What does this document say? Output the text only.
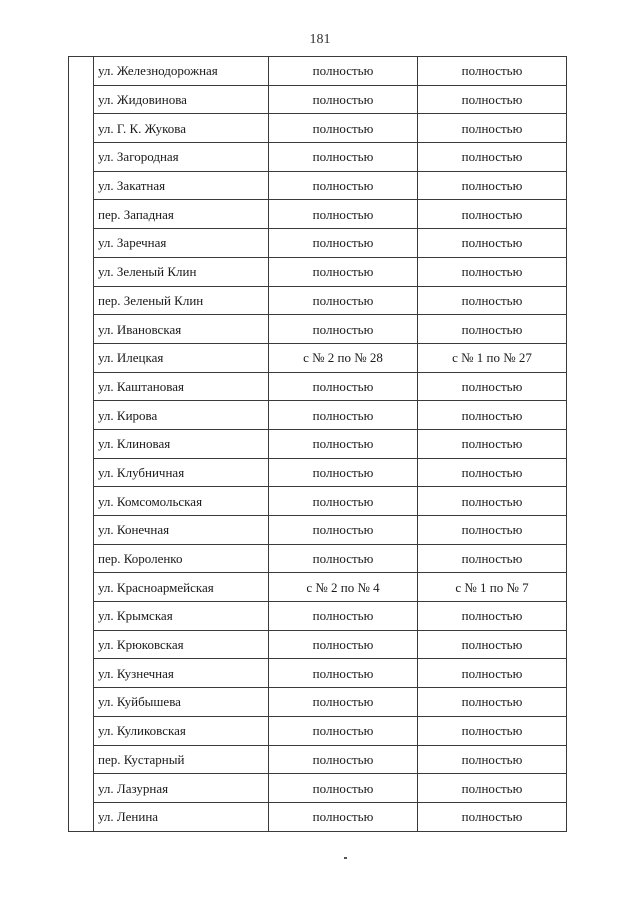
181
	ул. Железнодорожная	полностью	полностью
	ул. Жидовинова	полностью	полностью
	ул. Г. К. Жукова	полностью	полностью
	ул. Загородная	полностью	полностью
	ул. Закатная	полностью	полностью
	пер. Западная	полностью	полностью
	ул. Заречная	полностью	полностью
	ул. Зеленый Клин	полностью	полностью
	пер. Зеленый Клин	полностью	полностью
	ул. Ивановская	полностью	полностью
	ул. Илецкая	с № 2 по № 28	с № 1 по № 27
	ул. Каштановая	полностью	полностью
	ул. Кирова	полностью	полностью
	ул. Клиновая	полностью	полностью
	ул. Клубничная	полностью	полностью
	ул. Комсомольская	полностью	полностью
	ул. Конечная	полностью	полностью
	пер. Короленко	полностью	полностью
	ул. Красноармейская	с № 2 по № 4	с № 1 по № 7
	ул. Крымская	полностью	полностью
	ул. Крюковская	полностью	полностью
	ул. Кузнечная	полностью	полностью
	ул. Куйбышева	полностью	полностью
	ул. Куликовская	полностью	полностью
	пер. Кустарный	полностью	полностью
	ул. Лазурная	полностью	полностью
	ул. Ленина	полностью	полностью
